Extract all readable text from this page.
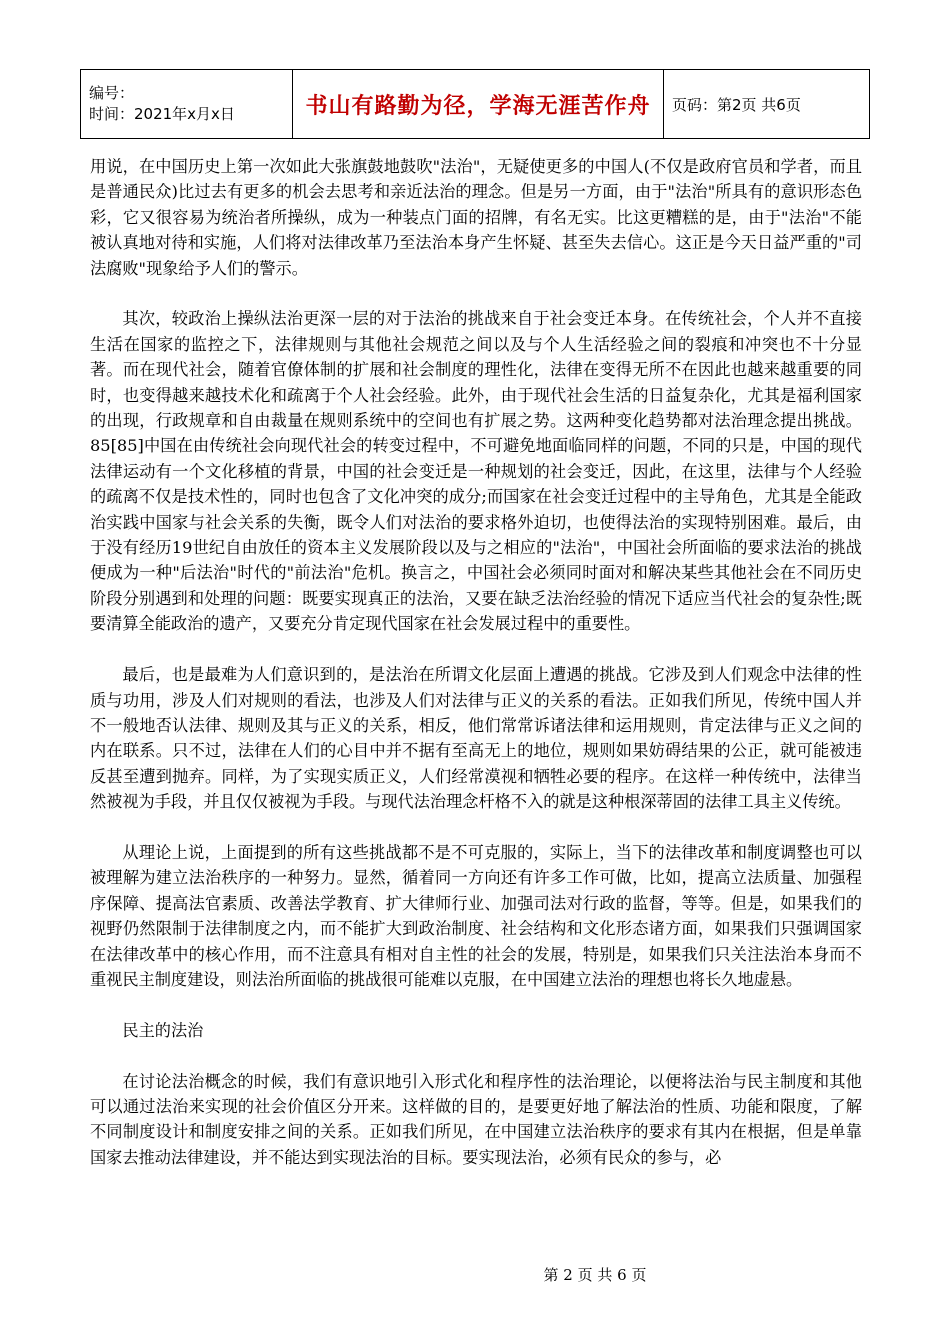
编号：
时间：2021年x月x日	书山有路勤为径，学海无涯苦作舟	页码：第2页 共6页

用说，在中国历史上第一次如此大张旗鼓地鼓吹"法治"，无疑使更多的中国人(不仅是政府官员和学者，而且是普通民众)比过去有更多的机会去思考和亲近法治的理念。但是另一方面，由于"法治"所具有的意识形态色彩，它又很容易为统治者所操纵，成为一种装点门面的招牌，有名无实。比这更糟糕的是，由于"法治"不能被认真地对待和实施，人们将对法律改革乃至法治本身产生怀疑、甚至失去信心。这正是今天日益严重的"司法腐败"现象给予人们的警示。

其次，较政治上操纵法治更深一层的对于法治的挑战来自于社会变迁本身。在传统社会，个人并不直接生活在国家的监控之下，法律规则与其他社会规范之间以及与个人生活经验之间的裂痕和冲突也不十分显著。而在现代社会，随着官僚体制的扩展和社会制度的理性化，法律在变得无所不在因此也越来越重要的同时，也变得越来越技术化和疏离于个人社会经验。此外，由于现代社会生活的日益复杂化，尤其是福利国家的出现，行政规章和自由裁量在规则系统中的空间也有扩展之势。这两种变化趋势都对法治理念提出挑战。85[85]中国在由传统社会向现代社会的转变过程中，不可避免地面临同样的问题，不同的只是，中国的现代法律运动有一个文化移植的背景，中国的社会变迁是一种规划的社会变迁，因此，在这里，法律与个人经验的疏离不仅是技术性的，同时也包含了文化冲突的成分;而国家在社会变迁过程中的主导角色，尤其是全能政治实践中国家与社会关系的失衡，既令人们对法治的要求格外迫切，也使得法治的实现特别困难。最后，由于没有经历19世纪自由放任的资本主义发展阶段以及与之相应的"法治"，中国社会所面临的要求法治的挑战便成为一种"后法治"时代的"前法治"危机。换言之，中国社会必须同时面对和解决某些其他社会在不同历史阶段分别遇到和处理的问题：既要实现真正的法治，又要在缺乏法治经验的情况下适应当代社会的复杂性;既要清算全能政治的遗产，又要充分肯定现代国家在社会发展过程中的重要性。

最后，也是最难为人们意识到的，是法治在所谓文化层面上遭遇的挑战。它涉及到人们观念中法律的性质与功用，涉及人们对规则的看法，也涉及人们对法律与正义的关系的看法。正如我们所见，传统中国人并不一般地否认法律、规则及其与正义的关系，相反，他们常常诉诸法律和运用规则，肯定法律与正义之间的内在联系。只不过，法律在人们的心目中并不据有至高无上的地位，规则如果妨碍结果的公正，就可能被违反甚至遭到抛弃。同样，为了实现实质正义，人们经常漠视和牺牲必要的程序。在这样一种传统中，法律当然被视为手段，并且仅仅被视为手段。与现代法治理念杆格不入的就是这种根深蒂固的法律工具主义传统。

从理论上说，上面提到的所有这些挑战都不是不可克服的，实际上，当下的法律改革和制度调整也可以被理解为建立法治秩序的一种努力。显然，循着同一方向还有许多工作可做，比如，提高立法质量、加强程序保障、提高法官素质、改善法学教育、扩大律师行业、加强司法对行政的监督，等等。但是，如果我们的视野仍然限制于法律制度之内，而不能扩大到政治制度、社会结构和文化形态诸方面，如果我们只强调国家在法律改革中的核心作用，而不注意具有相对自主性的社会的发展，特别是，如果我们只关注法治本身而不重视民主制度建设，则法治所面临的挑战很可能难以克服，在中国建立法治的理想也将长久地虚悬。

民主的法治

在讨论法治概念的时候，我们有意识地引入形式化和程序性的法治理论，以便将法治与民主制度和其他可以通过法治来实现的社会价值区分开来。这样做的目的，是要更好地了解法治的性质、功能和限度，了解不同制度设计和制度安排之间的关系。正如我们所见，在中国建立法治秩序的要求有其内在根据，但是单靠国家去推动法律建设，并不能达到实现法治的目标。要实现法治，必须有民众的参与，必

第 2 页 共 6 页
